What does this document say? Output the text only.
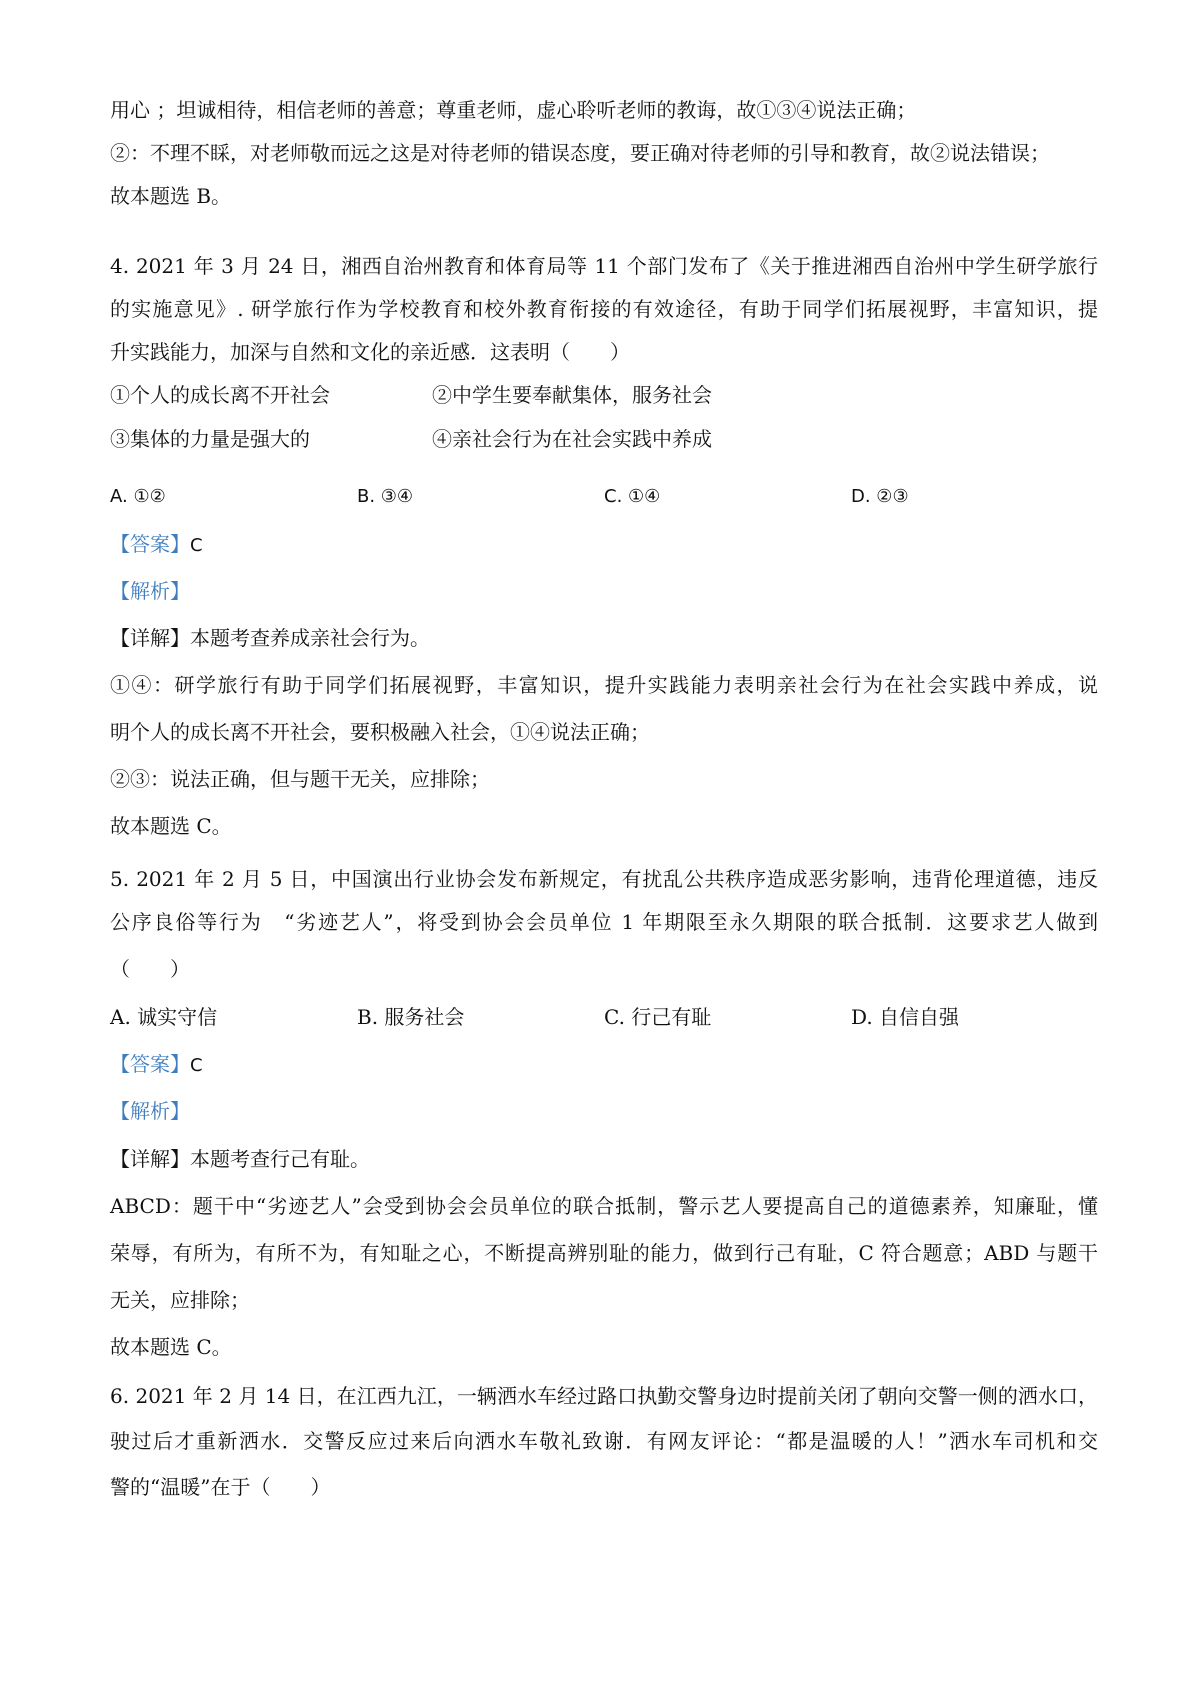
用心 ；坦诚相待，相信老师的善意；尊重老师，虚心聆听老师的教诲，故①③④说法正确；

②：不理不睬，对老师敬而远之这是对待老师的错误态度，要正确对待老师的引导和教育，故②说法错误；

故本题选 B。

4. 2021 年 3 月 24 日，湘西自治州教育和体育局等 11 个部门发布了《关于推进湘西自治州中学生研学旅行

的实施意见》. 研学旅行作为学校教育和校外教育衔接的有效途径，有助于同学们拓展视野，丰富知识，提

升实践能力，加深与自然和文化的亲近感．这表明（　　）

①个人的成长离不开社会	②中学生要奉献集体，服务社会

③集体的力量是强大的	④亲社会行为在社会实践中养成

A. ①②	B. ③④	C. ①④	D. ②③

【答案】C

【解析】

【详解】本题考查养成亲社会行为。

①④：研学旅行有助于同学们拓展视野，丰富知识，提升实践能力表明亲社会行为在社会实践中养成，说

明个人的成长离不开社会，要积极融入社会，①④说法正确；

②③：说法正确，但与题干无关，应排除；

故本题选 C。

5. 2021 年 2 月 5 日，中国演出行业协会发布新规定，有扰乱公共秩序造成恶劣影响，违背伦理道德，违反

公序良俗等行为　“劣迹艺人”，将受到协会会员单位 1 年期限至永久期限的联合抵制．这要求艺人做到

（　　）

A. 诚实守信	B. 服务社会	C. 行己有耻	D. 自信自强

【答案】C

【解析】

【详解】本题考查行己有耻。

ABCD：题干中“劣迹艺人”会受到协会会员单位的联合抵制，警示艺人要提高自己的道德素养，知廉耻，懂

荣辱，有所为，有所不为，有知耻之心，不断提高辨别耻的能力，做到行己有耻，C 符合题意；ABD 与题干

无关，应排除；

故本题选 C。

6. 2021 年 2 月 14 日，在江西九江，一辆洒水车经过路口执勤交警身边时提前关闭了朝向交警一侧的洒水口，

驶过后才重新洒水．交警反应过来后向洒水车敬礼致谢．有网友评论：“都是温暖的人！”洒水车司机和交

警的“温暖”在于（　　）
